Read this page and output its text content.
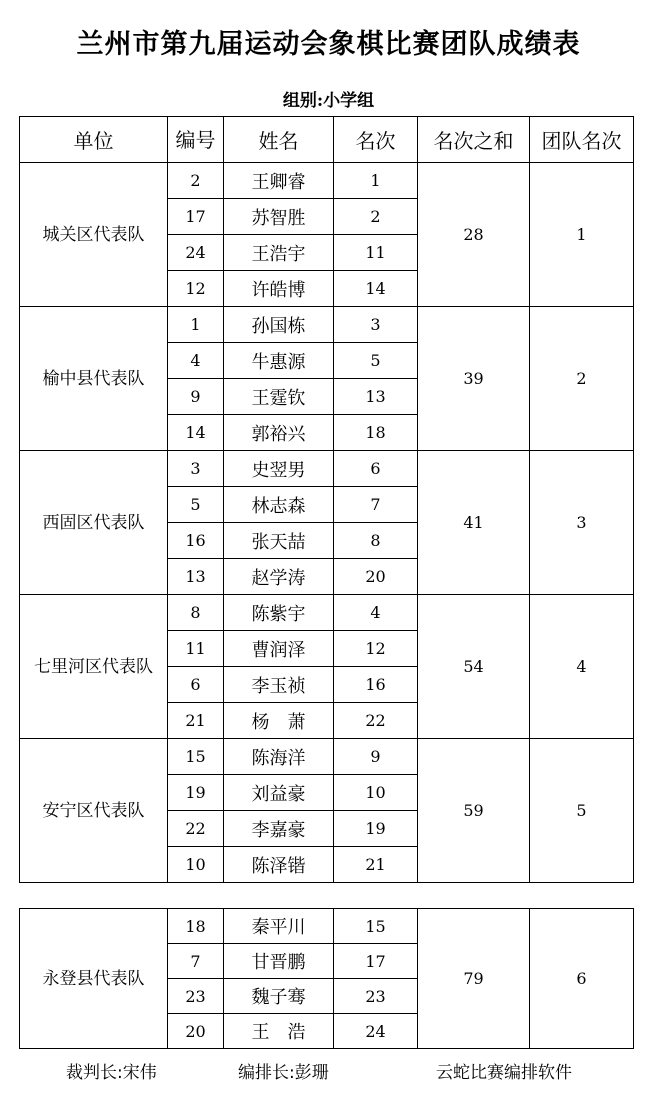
兰州市第九届运动会象棋比赛团队成绩表
组别:小学组
单位	编号	姓名	名次	名次之和	团队名次
城关区代表队	2	王卿睿	1	28	1
	17	苏智胜	2		
	24	王浩宇	11		
	12	许皓博	14		
榆中县代表队	1	孙国栋	3	39	2
	4	牛惠源	5		
	9	王霆钦	13		
	14	郭裕兴	18		
西固区代表队	3	史翌男	6	41	3
	5	林志森	7		
	16	张天喆	8		
	13	赵学涛	20		
七里河区代表队	8	陈紫宇	4	54	4
	11	曹润泽	12		
	6	李玉祯	16		
	21	杨　萧	22		
安宁区代表队	15	陈海洋	9	59	5
	19	刘益豪	10		
	22	李嘉豪	19		
	10	陈泽锴	21		
永登县代表队	18	秦平川	15	79	6
	7	甘晋鹏	17		
	23	魏子骞	23		
	20	王　浩	24		
裁判长:宋伟	编排长:彭珊	云蛇比赛编排软件
